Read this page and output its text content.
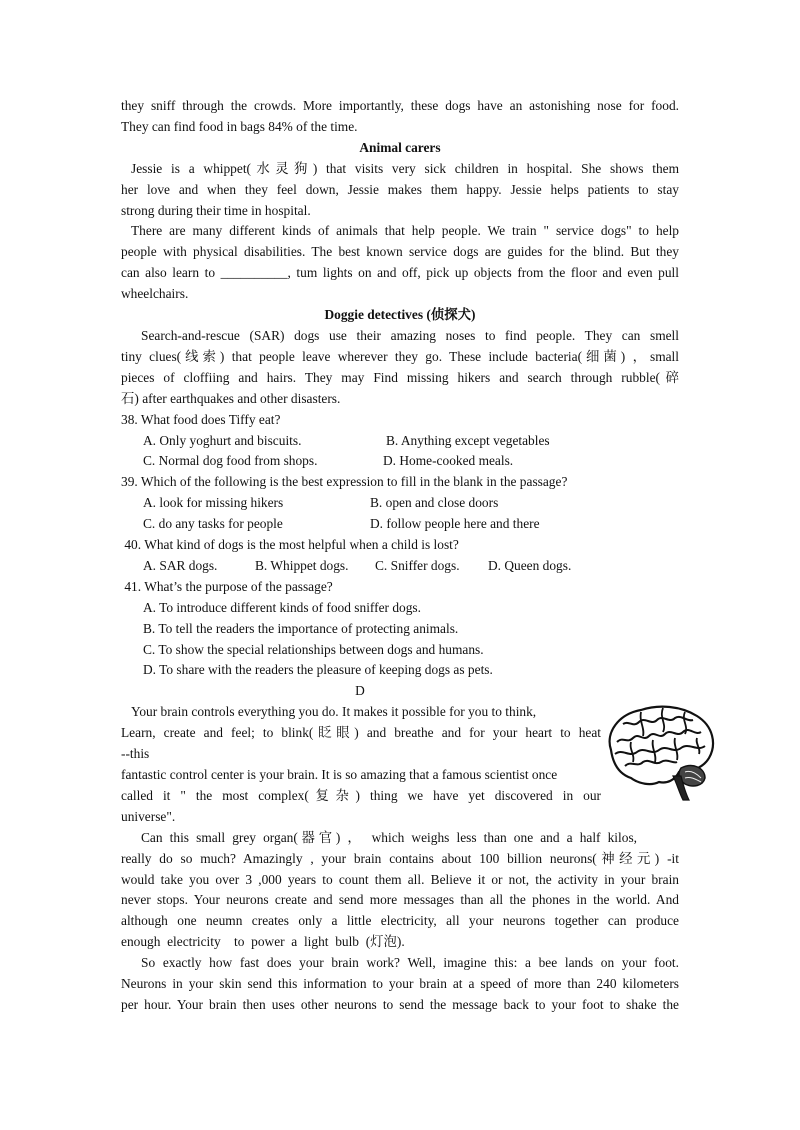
they sniff through the crowds. More importantly, these dogs have an astonishing nose for food.

They can find food in bags 84% of the time.

Animal carers

Jessie is a whippet(水灵狗) that visits very sick children in hospital. She shows them

her love and when they feel down, Jessie makes them happy. Jessie helps patients to stay

strong during their time in hospital.

There are many different kinds of animals that help people. We train " service dogs" to help

people with physical disabilities. The best known service dogs are guides for the blind. But they

can also learn to __________, tum lights on and off, pick up objects from the floor and even pull

wheelchairs.

Doggie detectives (侦探犬)

Search-and-rescue (SAR) dogs use their amazing noses to find people. They can smell

tiny clues(线索) that people leave wherever they go. These include bacteria(细菌) ，small

pieces of cloffiing and hairs. They may Find missing hikers and search through rubble(碎

石) after earthquakes and other disasters.

38. What food does Tiffy eat?

A. Only yoghurt and biscuits.	B. Anything except vegetables
C. Normal dog food from shops.	D. Home-cooked meals.

39. Which of the following is the best expression to fill in the blank in the passage?

A. look for missing hikers	B. open and close doors
C. do any tasks for people	D. follow people here and there

40. What kind of dogs is the most helpful when a child is lost?

A. SAR dogs.	B. Whippet dogs.	C. Sniffer dogs.	D. Queen dogs.

41. What’s the purpose of the passage?

A. To introduce different kinds of food sniffer dogs.

B. To tell the readers the importance of protecting animals.

C. To show the special relationships between dogs and humans.

D. To share with the readers the pleasure of keeping dogs as pets.

D

Your brain controls everything you do. It makes it possible for you to think,

Learn, create and feel; to blink(眨眼) and breathe and for your heart to heat

--this

fantastic control center is your brain. It is so amazing that a famous scientist once

called it " the most complex(复杂) thing we have yet discovered in our

universe".

Can this small grey organ(器官) ， which weighs less than one and a half kilos,

really do so much? Amazingly , your brain contains about 100 billion neurons(神经元) -it

would take you over 3 ,000 years to count them all. Believe it or not, the activity in your brain

never stops. Your neurons create and send more messages than all the phones in the world. And

although one neumn creates only a little electricity, all your neurons together can produce

enough  electricity    to  power  a  light  bulb  (灯泡).

So exactly how fast does your brain work? Well, imagine this: a bee lands on your foot.

Neurons in your skin send this information to your brain at a speed of more than 240 kilometers

per hour. Your brain then uses other neurons to send the message back to your foot to shake the
